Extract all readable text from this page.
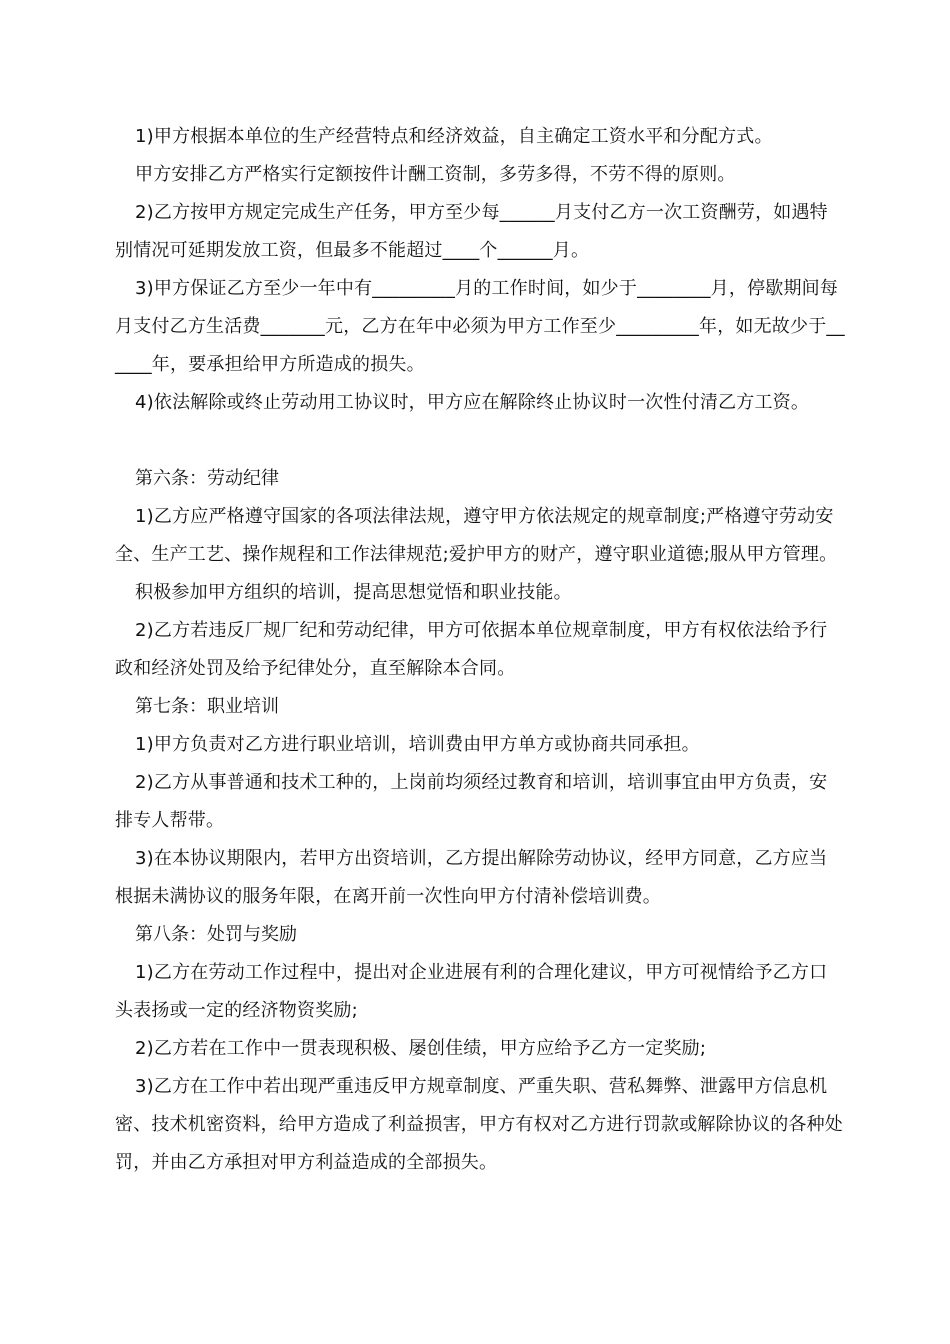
1)甲方根据本单位的生产经营特点和经济效益，自主确定工资水平和分配方式。

甲方安排乙方严格实行定额按件计酬工资制，多劳多得，不劳不得的原则。

2)乙方按甲方规定完成生产任务，甲方至少每______月支付乙方一次工资酬劳，如遇特别情况可延期发放工资，但最多不能超过____个______月。

3)甲方保证乙方至少一年中有_________月的工作时间，如少于________月，停歇期间每月支付乙方生活费_______元，乙方在年中必须为甲方工作至少_________年，如无故少于______年，要承担给甲方所造成的损失。

4)依法解除或终止劳动用工协议时，甲方应在解除终止协议时一次性付清乙方工资。

第六条：劳动纪律

1)乙方应严格遵守国家的各项法律法规，遵守甲方依法规定的规章制度;严格遵守劳动安全、生产工艺、操作规程和工作法律规范;爱护甲方的财产，遵守职业道德;服从甲方管理。

积极参加甲方组织的培训，提高思想觉悟和职业技能。

2)乙方若违反厂规厂纪和劳动纪律，甲方可依据本单位规章制度，甲方有权依法给予行政和经济处罚及给予纪律处分，直至解除本合同。

第七条：职业培训

1)甲方负责对乙方进行职业培训，培训费由甲方单方或协商共同承担。

2)乙方从事普通和技术工种的，上岗前均须经过教育和培训，培训事宜由甲方负责，安排专人帮带。

3)在本协议期限内，若甲方出资培训，乙方提出解除劳动协议，经甲方同意，乙方应当根据未满协议的服务年限，在离开前一次性向甲方付清补偿培训费。

第八条：处罚与奖励

1)乙方在劳动工作过程中，提出对企业进展有利的合理化建议，甲方可视情给予乙方口头表扬或一定的经济物资奖励;

2)乙方若在工作中一贯表现积极、屡创佳绩，甲方应给予乙方一定奖励;

3)乙方在工作中若出现严重违反甲方规章制度、严重失职、营私舞弊、泄露甲方信息机密、技术机密资料，给甲方造成了利益损害，甲方有权对乙方进行罚款或解除协议的各种处罚，并由乙方承担对甲方利益造成的全部损失。
